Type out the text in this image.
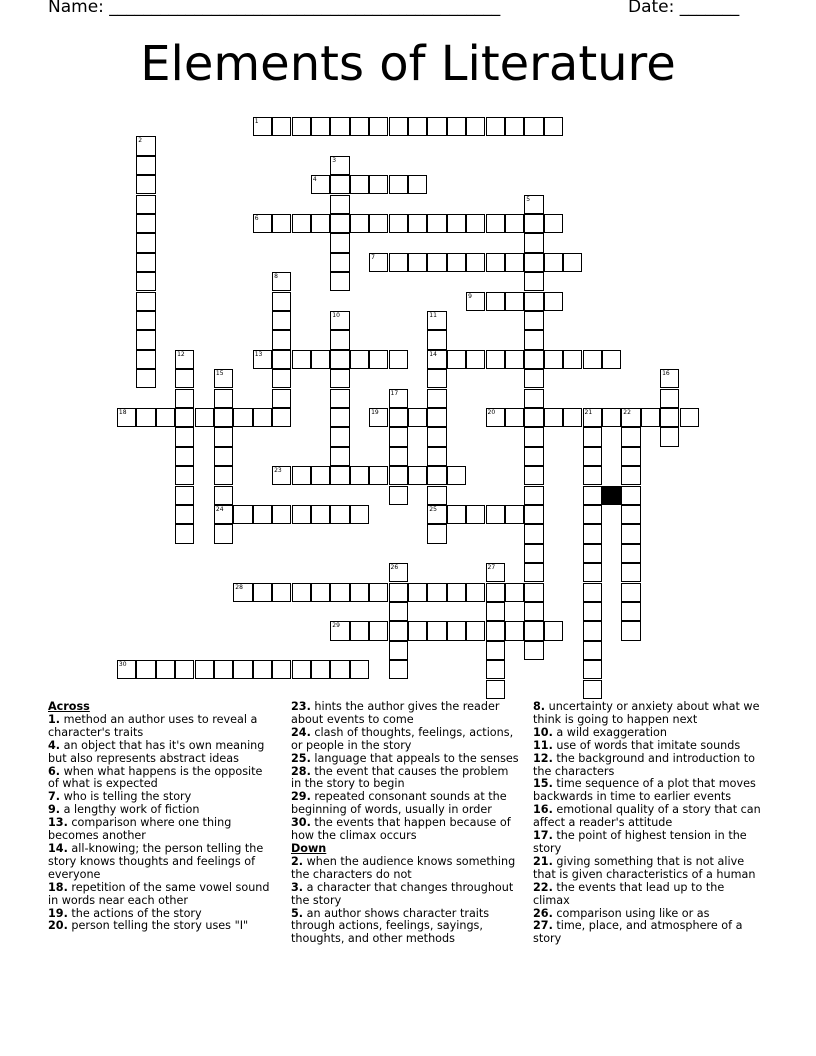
Name: ______________________________________________	Date: _______
Elements of Literature
1
2
3
4
5
6
7
8
9
10	11
14
25
12	13
15
24
16
17
18	19	20	21	22
23
26	27
28
29
30
Across
1. method an author uses to reveal a character's traits
4. an object that has it's own meaning but also represents abstract ideas
6. when what happens is the opposite of what is expected
7. who is telling the story
9. a lengthy work of fiction
13. comparison where one thing becomes another
14. all-knowing; the person telling the story knows thoughts and feelings of everyone
18. repetition of the same vowel sound in words near each other
19. the actions of the story
20. person telling the story uses "I"
23. hints the author gives the reader about events to come
24. clash of thoughts, feelings, actions, or people in the story
25. language that appeals to the senses
28. the event that causes the problem in the story to begin
29. repeated consonant sounds at the beginning of words, usually in order
30. the events that happen because of how the climax occurs
Down
2. when the audience knows something the characters do not
3. a character that changes throughout the story
5. an author shows character traits through actions, feelings, sayings, thoughts, and other methods
8. uncertainty or anxiety about what we think is going to happen next
10. a wild exaggeration
11. use of words that imitate sounds
12. the background and introduction to the characters
15. time sequence of a plot that moves backwards in time to earlier events
16. emotional quality of a story that can affect a reader's attitude
17. the point of highest tension in the story
21. giving something that is not alive that is given characteristics of a human
22. the events that lead up to the climax
26. comparison using like or as
27. time, place, and atmosphere of a story
